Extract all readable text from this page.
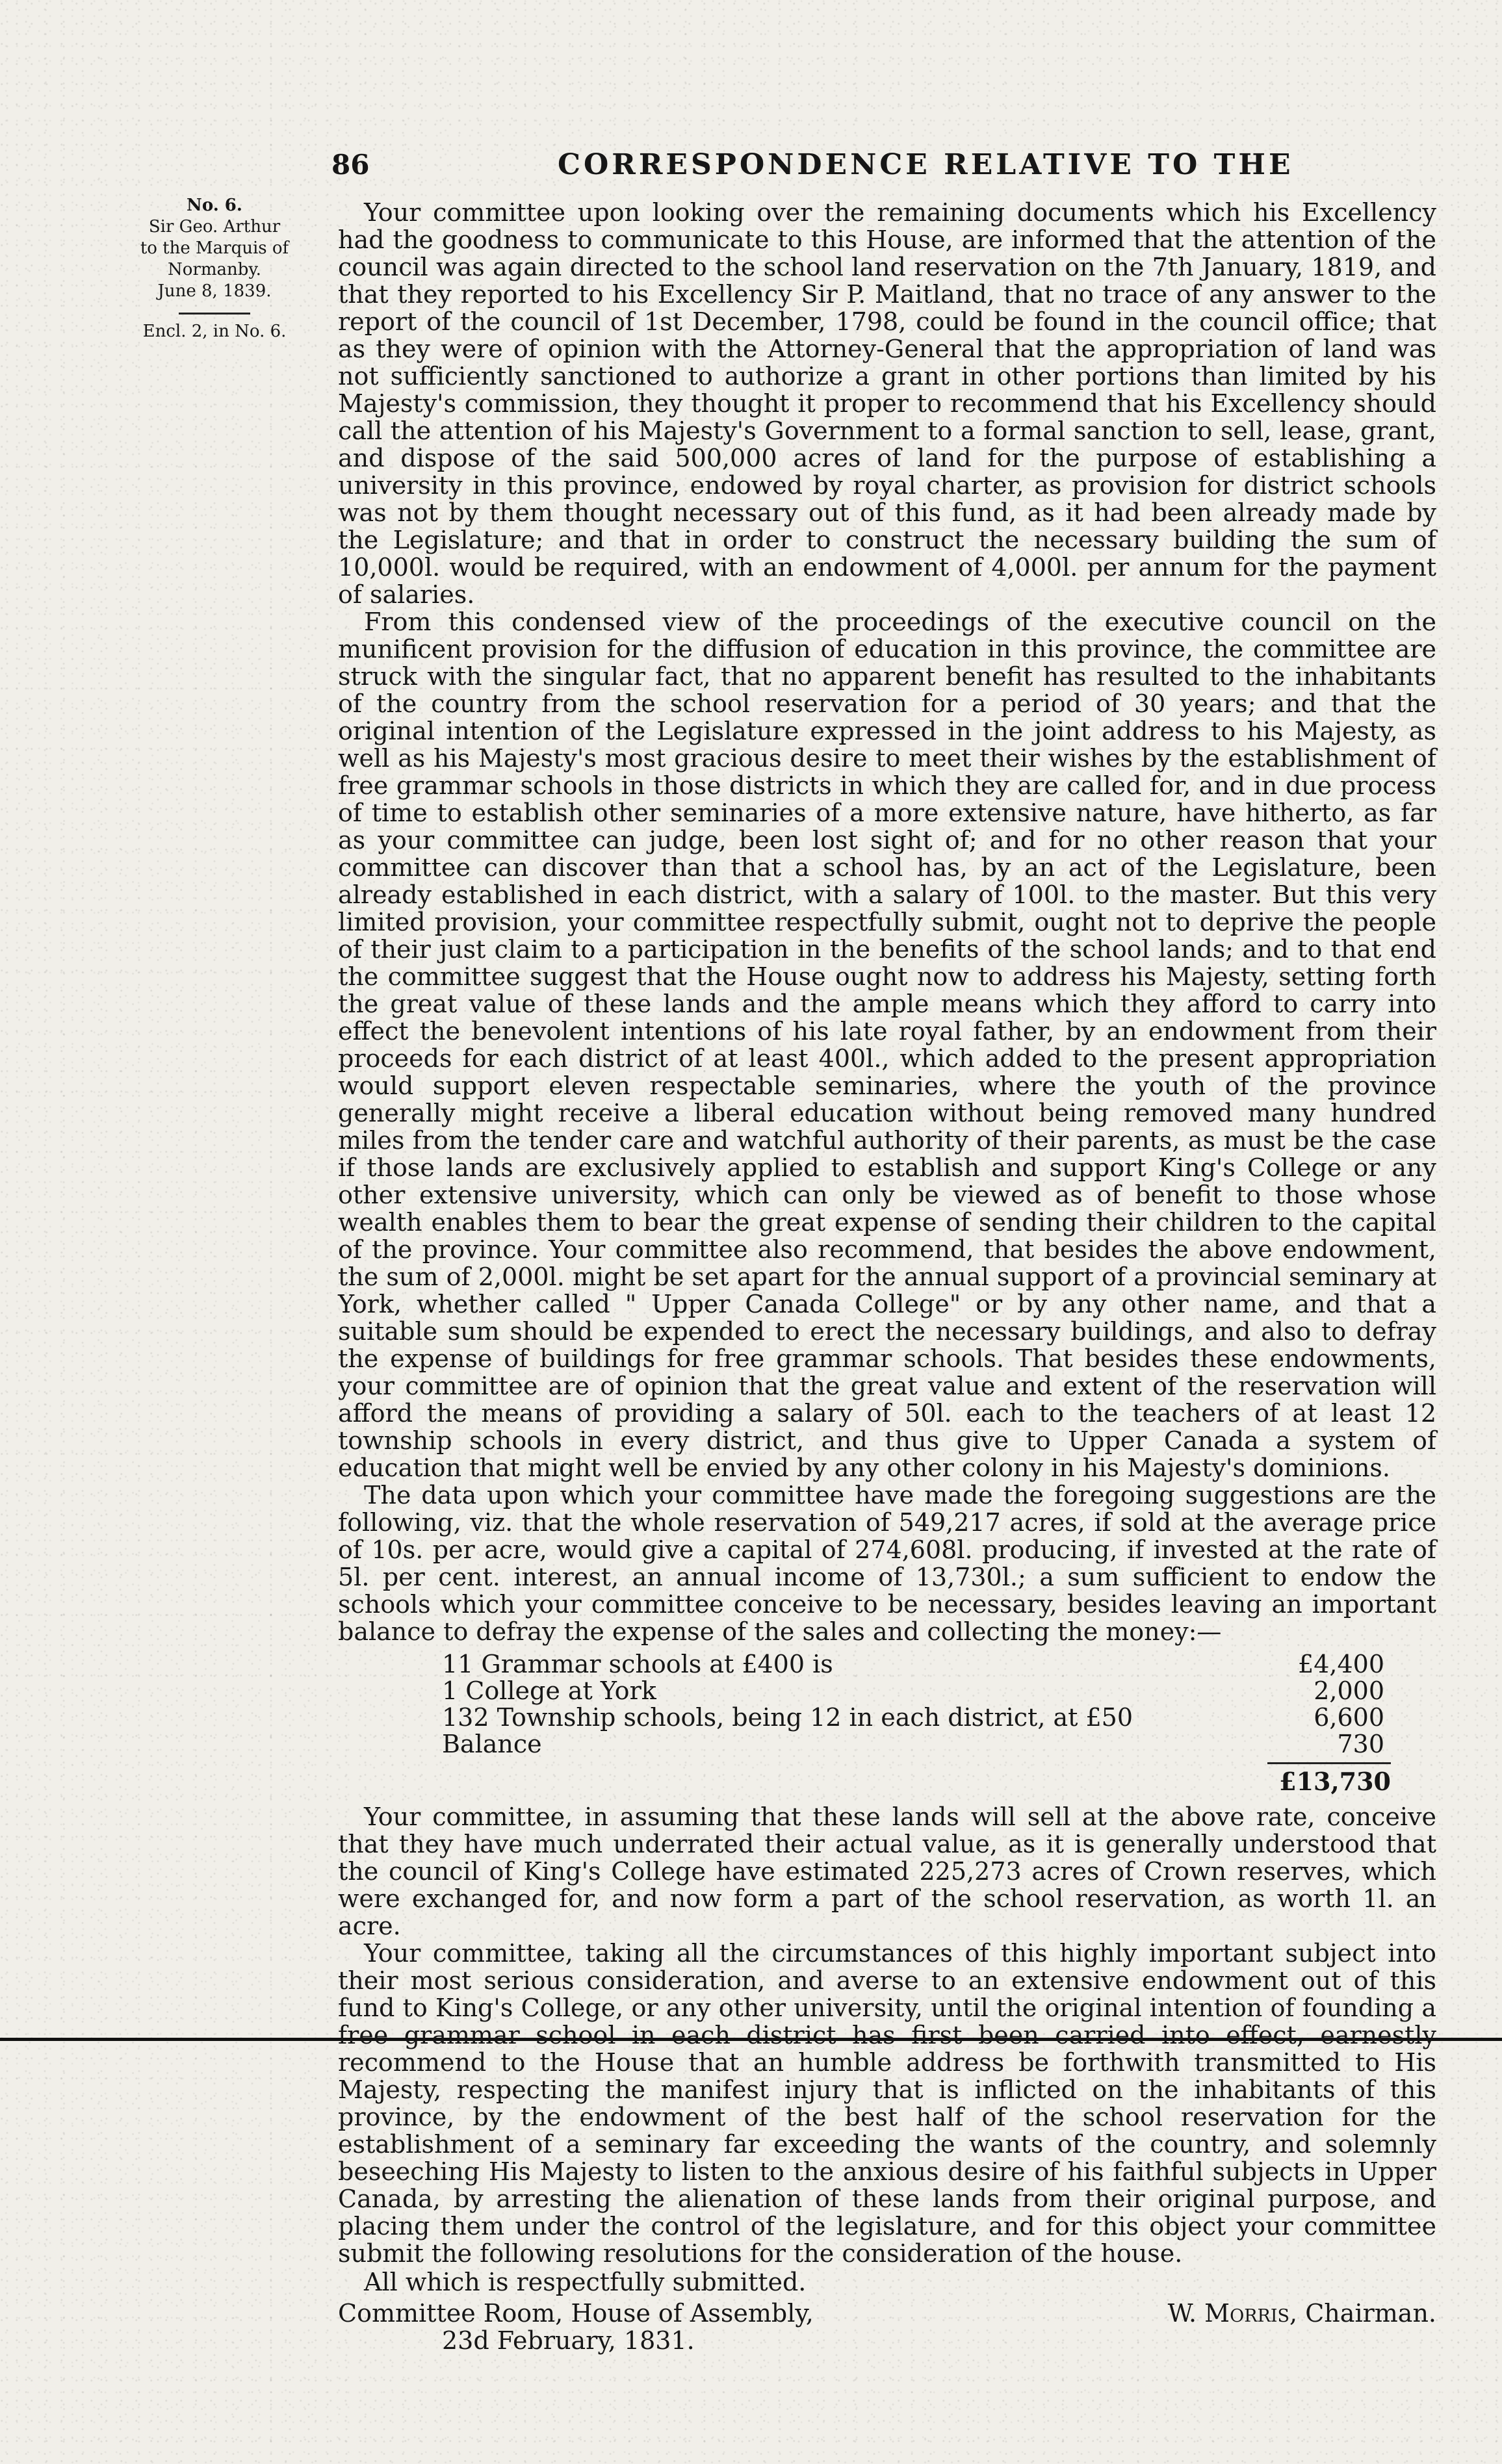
86	CORRESPONDENCE RELATIVE TO THE
No. 6.
Sir Geo. Arthur
to the Marquis of
Normanby.
June 8, 1839.
Encl. 2, in No. 6.

Your committee upon looking over the remaining documents which his Excellency had the goodness to communicate to this House, are informed that the attention of the council was again directed to the school land reservation on the 7th January, 1819, and that they reported to his Excellency Sir P. Maitland, that no trace of any answer to the report of the council of 1st December, 1798, could be found in the council office; that as they were of opinion with the Attorney-General that the appropriation of land was not sufficiently sanctioned to authorize a grant in other portions than limited by his Majesty's commission, they thought it proper to recommend that his Excellency should call the attention of his Majesty's Government to a formal sanction to sell, lease, grant, and dispose of the said 500,000 acres of land for the purpose of establishing a university in this province, endowed by royal charter, as provision for district schools was not by them thought necessary out of this fund, as it had been already made by the Legislature; and that in order to construct the necessary building the sum of 10,000l. would be required, with an endowment of 4,000l. per annum for the payment of salaries.

From this condensed view of the proceedings of the executive council on the munificent provision for the diffusion of education in this province, the committee are struck with the singular fact, that no apparent benefit has resulted to the inhabitants of the country from the school reservation for a period of 30 years; and that the original intention of the Legislature expressed in the joint address to his Majesty, as well as his Majesty's most gracious desire to meet their wishes by the establishment of free grammar schools in those districts in which they are called for, and in due process of time to establish other seminaries of a more extensive nature, have hitherto, as far as your committee can judge, been lost sight of; and for no other reason that your committee can discover than that a school has, by an act of the Legislature, been already established in each district, with a salary of 100l. to the master. But this very limited provision, your committee respectfully submit, ought not to deprive the people of their just claim to a participation in the benefits of the school lands; and to that end the committee suggest that the House ought now to address his Majesty, setting forth the great value of these lands and the ample means which they afford to carry into effect the benevolent intentions of his late royal father, by an endowment from their proceeds for each district of at least 400l., which added to the present appropriation would support eleven respectable seminaries, where the youth of the province generally might receive a liberal education without being removed many hundred miles from the tender care and watchful authority of their parents, as must be the case if those lands are exclusively applied to establish and support King's College or any other extensive university, which can only be viewed as of benefit to those whose wealth enables them to bear the great expense of sending their children to the capital of the province. Your committee also recommend, that besides the above endowment, the sum of 2,000l. might be set apart for the annual support of a provincial seminary at York, whether called " Upper Canada College" or by any other name, and that a suitable sum should be expended to erect the necessary buildings, and also to defray the expense of buildings for free grammar schools. That besides these endowments, your committee are of opinion that the great value and extent of the reservation will afford the means of providing a salary of 50l. each to the teachers of at least 12 township schools in every district, and thus give to Upper Canada a system of education that might well be envied by any other colony in his Majesty's dominions.

The data upon which your committee have made the foregoing suggestions are the following, viz. that the whole reservation of 549,217 acres, if sold at the average price of 10s. per acre, would give a capital of 274,608l. producing, if invested at the rate of 5l. per cent. interest, an annual income of 13,730l.; a sum sufficient to endow the schools which your committee conceive to be necessary, besides leaving an important balance to defray the expense of the sales and collecting the money:—

11 Grammar schools at £400 is	£4,400
1 College at York	2,000
132 Township schools, being 12 in each district, at £50	6,600
Balance	730
£13,730

Your committee, in assuming that these lands will sell at the above rate, conceive that they have much underrated their actual value, as it is generally understood that the council of King's College have estimated 225,273 acres of Crown reserves, which were exchanged for, and now form a part of the school reservation, as worth 1l. an acre.

Your committee, taking all the circumstances of this highly important subject into their most serious consideration, and averse to an extensive endowment out of this fund to King's College, or any other university, until the original intention of founding a free grammar school in each district has first been carried into effect, earnestly recommend to the House that an humble address be forthwith transmitted to His Majesty, respecting the manifest injury that is inflicted on the inhabitants of this province, by the endowment of the best half of the school reservation for the establishment of a seminary far exceeding the wants of the country, and solemnly beseeching His Majesty to listen to the anxious desire of his faithful subjects in Upper Canada, by arresting the alienation of these lands from their original purpose, and placing them under the control of the legislature, and for this object your committee submit the following resolutions for the consideration of the house.

All which is respectfully submitted.
Committee Room, House of Assembly,	W. Morris, Chairman.
23d February, 1831.
